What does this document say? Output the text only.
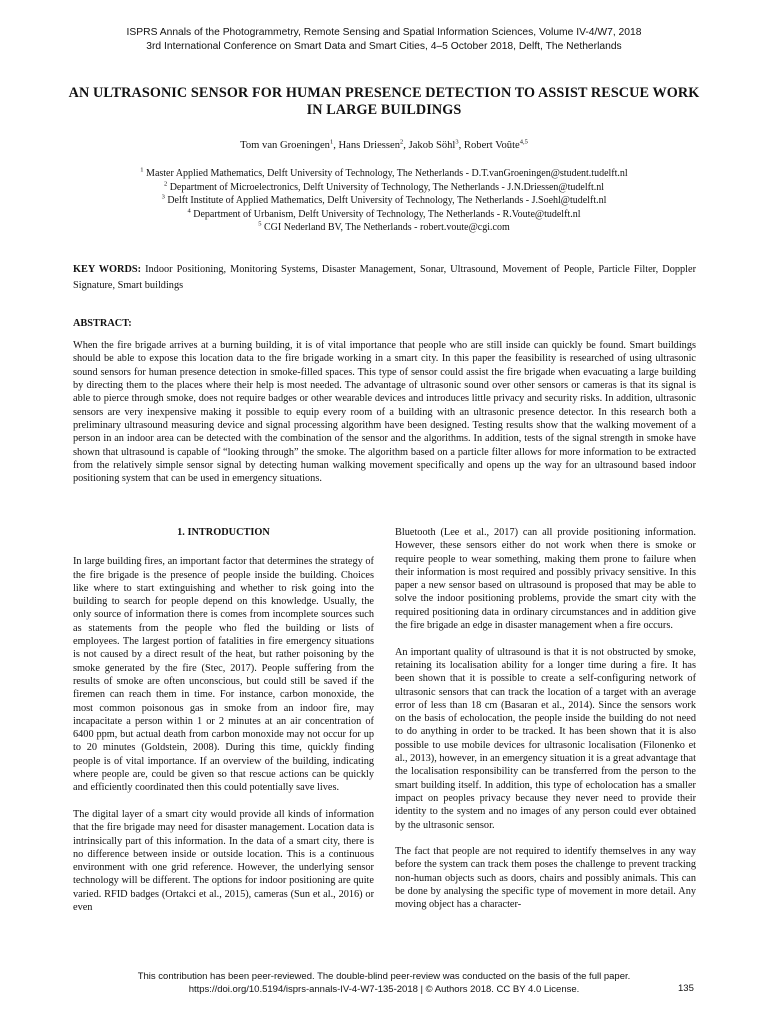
ISPRS Annals of the Photogrammetry, Remote Sensing and Spatial Information Sciences, Volume IV-4/W7, 2018
3rd International Conference on Smart Data and Smart Cities, 4–5 October 2018, Delft, The Netherlands
AN ULTRASONIC SENSOR FOR HUMAN PRESENCE DETECTION TO ASSIST RESCUE WORK IN LARGE BUILDINGS
Tom van Groeningen$^1$, Hans Driessen$^2$, Jakob Söhl$^3$, Robert Voûte$^{4,5}$
$^1$ Master Applied Mathematics, Delft University of Technology, The Netherlands - D.T.vanGroeningen@student.tudelft.nl
$^2$ Department of Microelectronics, Delft University of Technology, The Netherlands - J.N.Driessen@tudelft.nl
$^3$ Delft Institute of Applied Mathematics, Delft University of Technology, The Netherlands - J.Soehl@tudelft.nl
$^4$ Department of Urbanism, Delft University of Technology, The Netherlands - R.Voute@tudelft.nl
$^5$ CGI Nederland BV, The Netherlands - robert.voute@cgi.com
KEY WORDS: Indoor Positioning, Monitoring Systems, Disaster Management, Sonar, Ultrasound, Movement of People, Particle Filter, Doppler Signature, Smart buildings
ABSTRACT:

When the fire brigade arrives at a burning building, it is of vital importance that people who are still inside can quickly be found. Smart buildings should be able to expose this location data to the fire brigade working in a smart city. In this paper the feasibility is researched of using ultrasonic sound sensors for human presence detection in smoke-filled spaces. This type of sensor could assist the fire brigade when evacuating a large building by directing them to the places where their help is most needed. The advantage of ultrasonic sound over other sensors or cameras is that its signal is able to pierce through smoke, does not require badges or other wearable devices and introduces little privacy and security risks. In addition, ultrasonic sensors are very inexpensive making it possible to equip every room of a building with an ultrasonic presence detector. In this research both a preliminary ultrasound measuring device and signal processing algorithm have been designed. Testing results show that the walking movement of a person in an indoor area can be detected with the combination of the sensor and the algorithms. In addition, tests of the signal strength in smoke have shown that ultrasound is capable of “looking through” the smoke. The algorithm based on a particle filter allows for more information to be extracted from the relatively simple sensor signal by detecting human walking movement specifically and opens up the way for an ultrasound based indoor positioning system that can be used in emergency situations.

1. INTRODUCTION

In large building fires, an important factor that determines the strategy of the fire brigade is the presence of people inside the building. Choices like where to start extinguishing and whether to risk going into the building to search for people depend on this knowledge. Usually, the only source of information there is comes from incomplete sources such as statements from the people who fled the building or lists of employees. The largest portion of fatalities in fire emergency situations is not caused by a direct result of the heat, but rather poisoning by the smoke generated by the fire (Stec, 2017). People suffering from the results of smoke are often unconscious, but could still be saved if the firemen can reach them in time. For instance, carbon monoxide, the most common poisonous gas in smoke from an indoor fire, may incapacitate a person within 1 or 2 minutes at an air concentration of 6400 ppm, but actual death from carbon monoxide may not occur for up to 20 minutes (Goldstein, 2008). During this time, quickly finding people is of vital importance. If an overview of the building, indicating where people are, could be given so that rescue actions can be quickly and efficiently coordinated then this could potentially save lives.

The digital layer of a smart city would provide all kinds of information that the fire brigade may need for disaster management. Location data is intrinsically part of this information. In the data of a smart city, there is no difference between inside or outside location. This is a continuous environment with one grid reference. However, the underlying sensor technology will be different. The options for indoor positioning are quite varied. RFID badges (Ortakci et al., 2015), cameras (Sun et al., 2016) or even

Bluetooth (Lee et al., 2017) can all provide positioning information. However, these sensors either do not work when there is smoke or require people to wear something, making them prone to failure when their information is most required and possibly privacy sensitive. In this paper a new sensor based on ultrasound is proposed that may be able to solve the indoor positioning problems, provide the smart city with the required positioning data in ordinary circumstances and in addition give the fire brigade an edge in disaster management when a fire occurs.

An important quality of ultrasound is that it is not obstructed by smoke, retaining its localisation ability for a longer time during a fire. It has been shown that it is possible to create a self-configuring network of ultrasonic sensors that can track the location of a target with an average error of less than 18 cm (Basaran et al., 2014). Since the sensors work on the basis of echolocation, the people inside the building do not need to do anything in order to be tracked. It has been shown that it is also possible to use mobile devices for ultrasonic localisation (Filonenko et al., 2013), however, in an emergency situation it is a great advantage that the localisation responsibility can be transferred from the person to the smart building itself. In addition, this type of echolocation has a smaller impact on peoples privacy because they never need to provide their identity to the system and no images of any person could ever obtained by the ultrasonic sensor.

The fact that people are not required to identify themselves in any way before the system can track them poses the challenge to prevent tracking non-human objects such as doors, chairs and possibly animals. This can be done by analysing the specific type of movement in more detail. Any moving object has a character-

This contribution has been peer-reviewed. The double-blind peer-review was conducted on the basis of the full paper.
https://doi.org/10.5194/isprs-annals-IV-4-W7-135-2018 | © Authors 2018. CC BY 4.0 License.	135
